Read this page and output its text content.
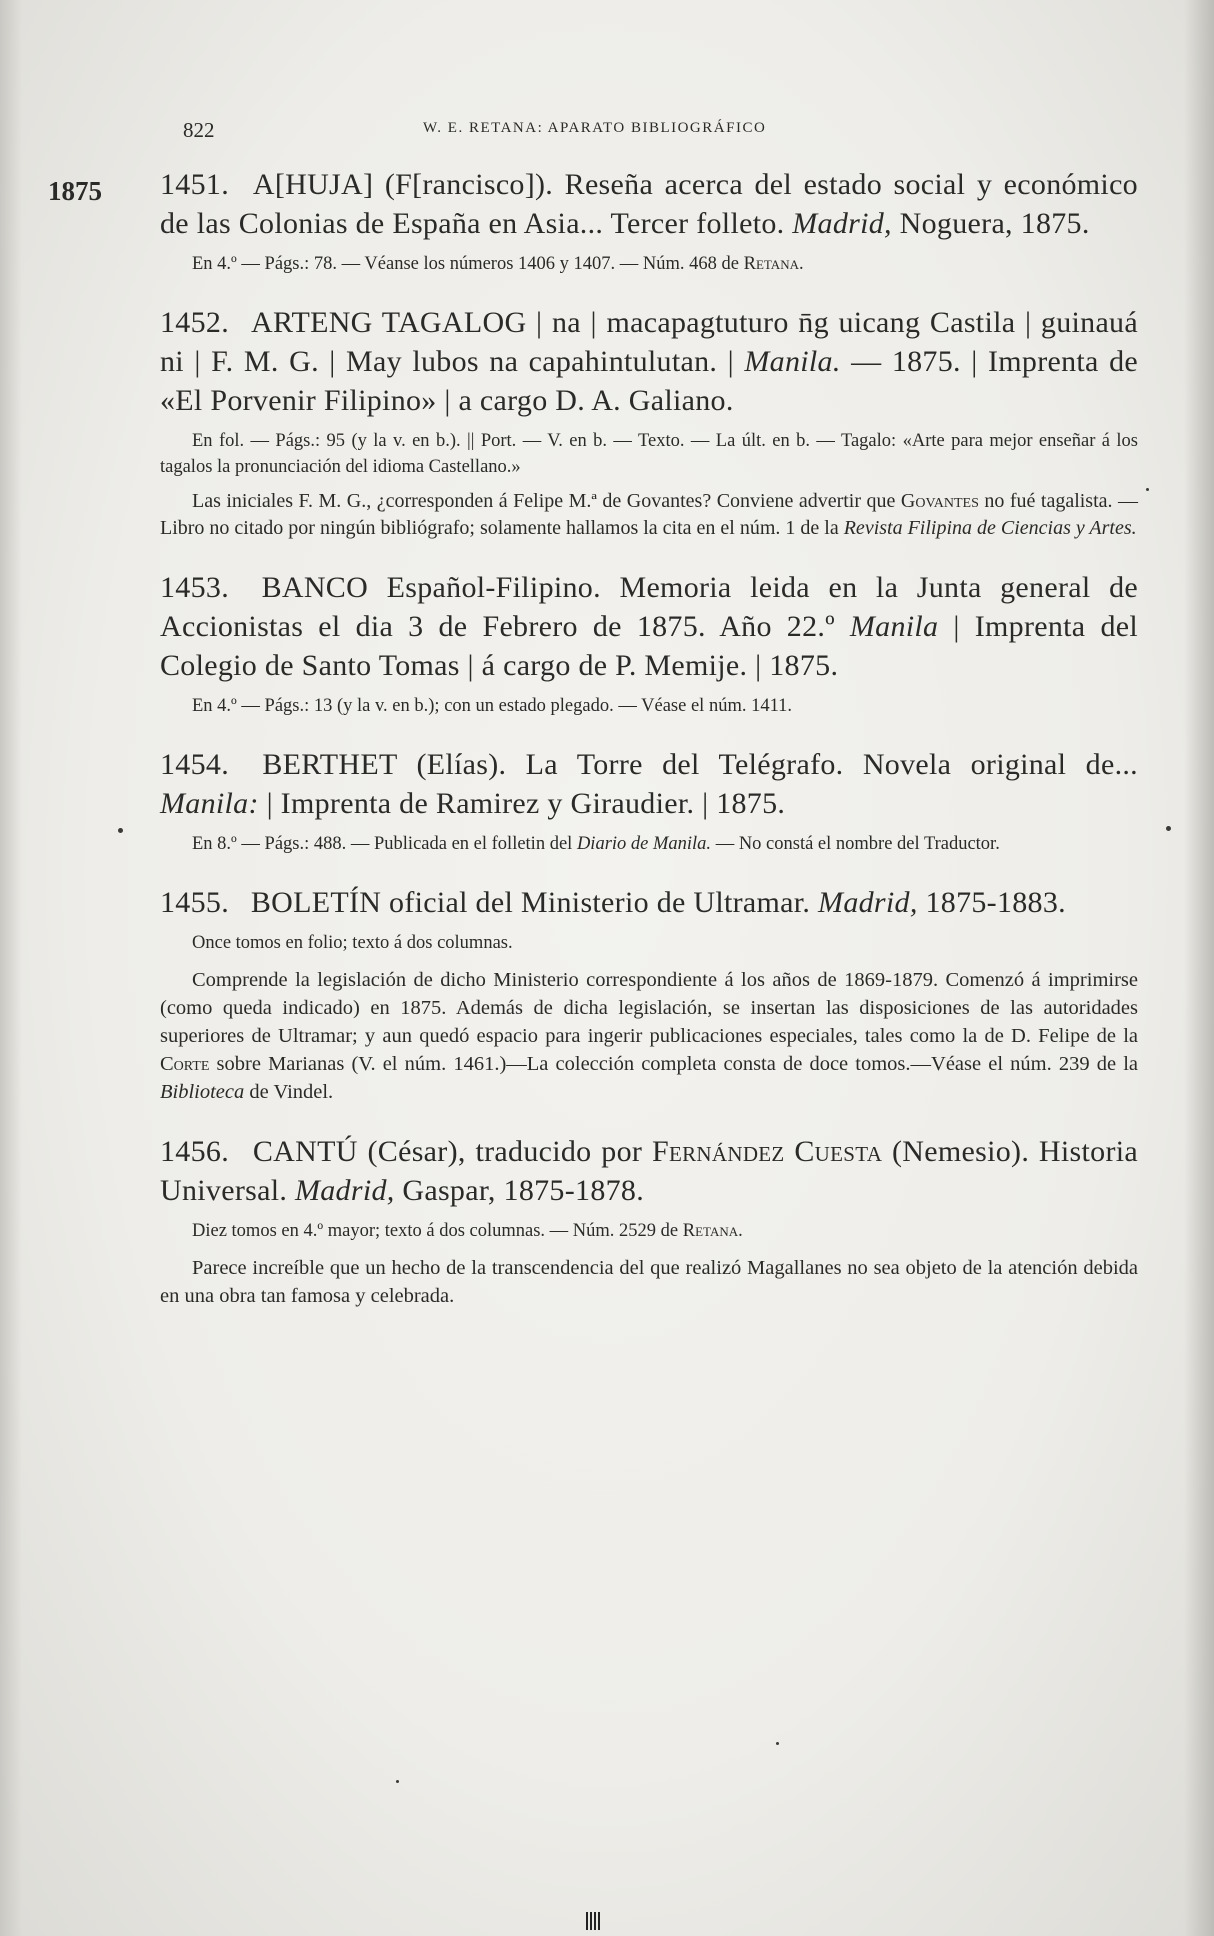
822	W. E. RETANA: APARATO BIBLIOGRÁFICO
1875 1451. A[HUJA] (F[rancisco]). Reseña acerca del estado social y económico de las Colonias de España en Asia... Tercer folleto. Madrid, Noguera, 1875.
En 4.º — Págs.: 78. — Véanse los números 1406 y 1407. — Núm. 468 de Retana.
1452. ARTENG TAGALOG | na | macapagtuturo n̄g uicang Castila | guinauá ni | F. M. G. | May lubos na capahintulutan. | Manila. — 1875. | Imprenta de «El Porvenir Filipino» | a cargo D. A. Galiano.
En fol. — Págs.: 95 (y la v. en b.). || Port. — V. en b. — Texto. — La últ. en b. — Tagalo: «Arte para mejor enseñar á los tagalos la pronunciación del idioma Castellano.»
Las iniciales F. M. G., ¿corresponden á Felipe M.ª de Govantes? Conviene advertir que Govantes no fué tagalista. — Libro no citado por ningún bibliógrafo; solamente hallamos la cita en el núm. 1 de la Revista Filipina de Ciencias y Artes.
1453. BANCO Español-Filipino. Memoria leida en la Junta general de Accionistas el dia 3 de Febrero de 1875. Año 22.º Manila | Imprenta del Colegio de Santo Tomas | á cargo de P. Memije. | 1875.
En 4.º — Págs.: 13 (y la v. en b.); con un estado plegado. — Véase el núm. 1411.
1454. BERTHET (Elías). La Torre del Telégrafo. Novela original de... Manila: | Imprenta de Ramirez y Giraudier. | 1875.
En 8.º — Págs.: 488. — Publicada en el folletin del Diario de Manila. — No constá el nombre del Traductor.
1455. BOLETÍN oficial del Ministerio de Ultramar. Madrid, 1875-1883.
Once tomos en folio; texto á dos columnas.
Comprende la legislación de dicho Ministerio correspondiente á los años de 1869-1879. Comenzó á imprimirse (como queda indicado) en 1875. Además de dicha legislación, se insertan las disposiciones de las autoridades superiores de Ultramar; y aun quedó espacio para ingerir publicaciones especiales, tales como la de D. Felipe de la Corte sobre Marianas (V. el núm. 1461.)—La colección completa consta de doce tomos.—Véase el núm. 239 de la Biblioteca de Vindel.
1456. CANTÚ (César), traducido por Fernández Cuesta (Nemesio). Historia Universal. Madrid, Gaspar, 1875-1878.
Diez tomos en 4.º mayor; texto á dos columnas. — Núm. 2529 de Retana.
Parece increíble que un hecho de la transcendencia del que realizó Magallanes no sea objeto de la atención debida en una obra tan famosa y celebrada.
